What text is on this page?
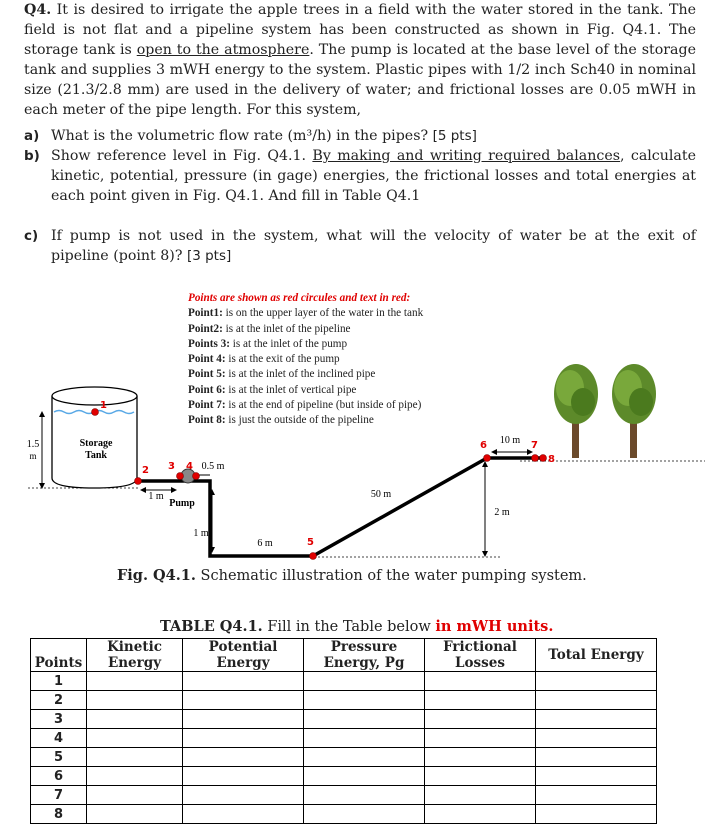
Q4. It is desired to irrigate the apple trees in a field with the water stored in the tank. The field is not flat and a pipeline system has been constructed as shown in Fig. Q4.1. The storage tank is open to the atmosphere. The pump is located at the base level of the storage tank and supplies 3 mWH energy to the system. Plastic pipes with 1/2 inch Sch40 in nominal size (21.3/2.8 mm) are used in the delivery of water; and frictional losses are 0.05 mWH in each meter of the pipe length. For this system,
a) What is the volumetric flow rate (m³/h) in the pipes? [5 pts]
b) Show reference level in Fig. Q4.1. By making and writing required balances, calculate kinetic, potential, pressure (in gage) energies, the frictional losses and total energies at each point given in Fig. Q4.1. And fill in Table Q4.1
c) If pump is not used in the system, what will the velocity of water be at the exit of pipeline (point 8)? [3 pts]
Points are shown as red circules and text in red:
Point1: is on the upper layer of the water in the tank
Point2: is at the inlet of the pipeline
Points 3: is at the inlet of the pump
Point 4: is at the exit of the pump
Point 5: is at the inlet of the inclined pipe
Point 6: is at the inlet of vertical pipe
Point 7: is at the end of pipeline (but inside of pipe)
Point 8: is just the outside of the pipeline
Storage
Tank
1.5
m
1 m
Pump
0.5 m
1 m
6 m
50 m
2 m
10 m
1
2 3 4
5
6	7
8
Fig. Q4.1. Schematic illustration of the water pumping system.
TABLE Q4.1. Fill in the Table below in mWH units.
Points	Kinetic Energy	Potential Energy	Pressure Energy, Pg	Frictional Losses	Total Energy
1					
2					
3					
4					
5					
6					
7					
8					
